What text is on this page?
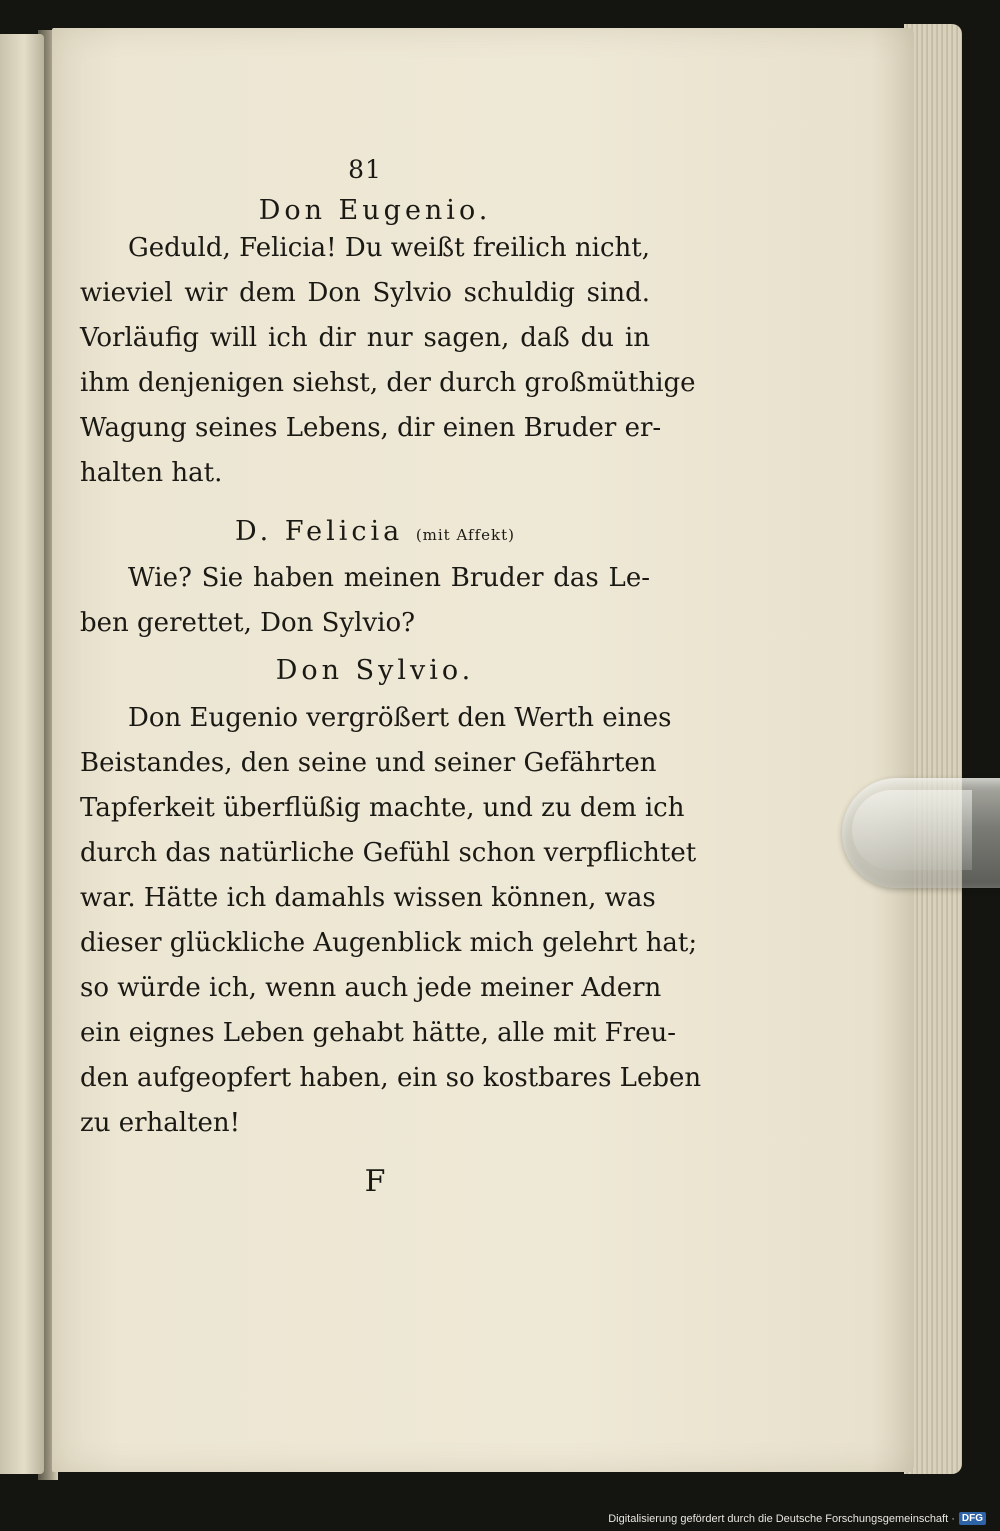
81
Don Eugenio.
Geduld, Felicia! Du weißt freilich nicht,
wieviel wir dem Don Sylvio schuldig sind.
Vorläufig will ich dir nur sagen, daß du in
ihm denjenigen siehst, der durch großmüthige
Wagung seines Lebens, dir einen Bruder er-
halten hat.
D. Felicia (mit Affekt)
Wie? Sie haben meinen Bruder das Le-
ben gerettet, Don Sylvio?
Don Sylvio.
Don Eugenio vergrößert den Werth eines
Beistandes, den seine und seiner Gefährten
Tapferkeit überflüßig machte, und zu dem ich
durch das natürliche Gefühl schon verpflichtet
war. Hätte ich damahls wissen können, was
dieser glückliche Augenblick mich gelehrt hat;
so würde ich, wenn auch jede meiner Adern
ein eignes Leben gehabt hätte, alle mit Freu-
den aufgeopfert haben, ein so kostbares Leben
zu erhalten!
F
Digitalisierung gefördert durch die Deutsche Forschungsgemeinschaft · DFG
